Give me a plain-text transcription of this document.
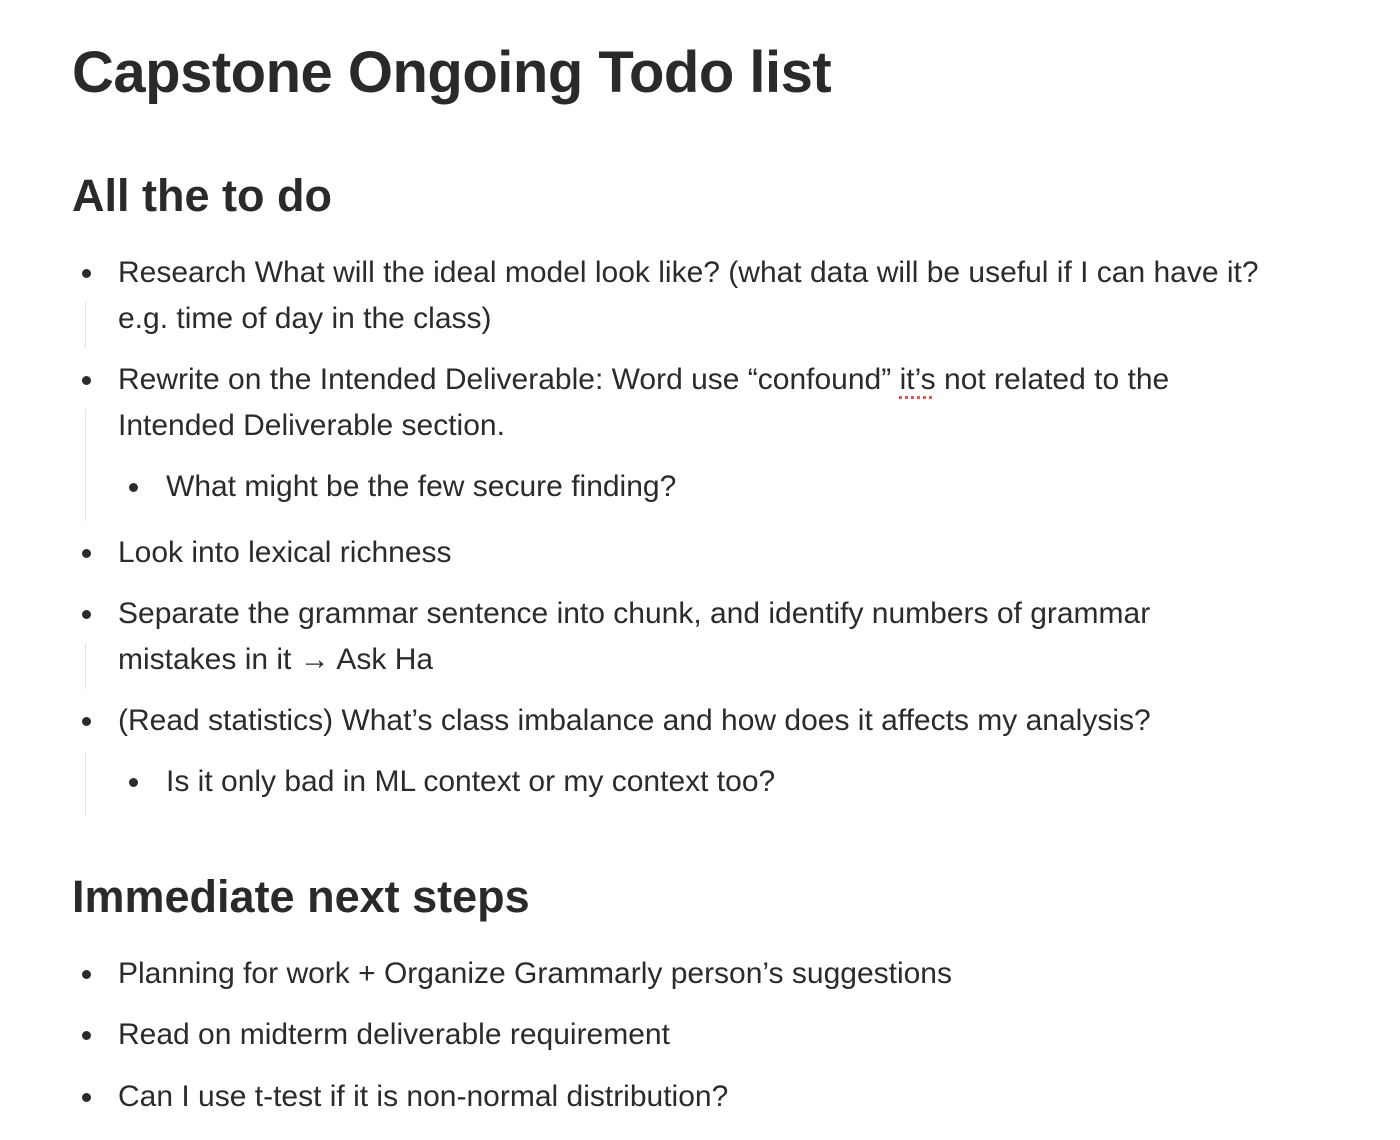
Capstone Ongoing Todo list
All the to do
Research What will the ideal model look like? (what data will be useful if I can have it?
e.g. time of day in the class)
Rewrite on the Intended Deliverable: Word use “confound” it’s not related to the
Intended Deliverable section.
What might be the few secure finding?
Look into lexical richness
Separate the grammar sentence into chunk, and identify numbers of grammar
mistakes in it → Ask Ha
(Read statistics) What’s class imbalance and how does it affects my analysis?
Is it only bad in ML context or my context too?
Immediate next steps
Planning for work + Organize Grammarly person’s suggestions
Read on midterm deliverable requirement
Can I use t-test if it is non-normal distribution?
